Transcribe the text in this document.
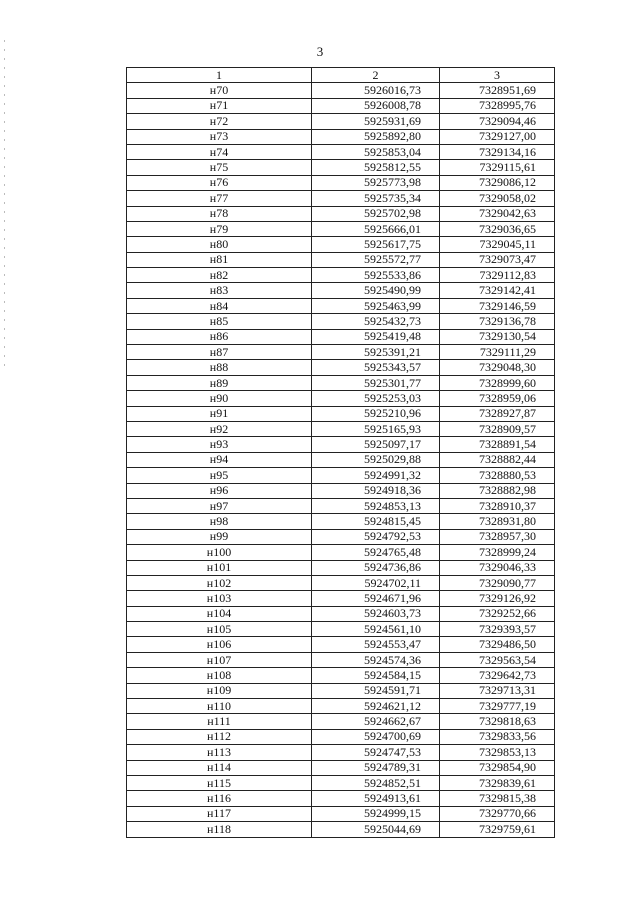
3
1	2	3
н70	5926016,73	7328951,69
н71	5926008,78	7328995,76
н72	5925931,69	7329094,46
н73	5925892,80	7329127,00
н74	5925853,04	7329134,16
н75	5925812,55	7329115,61
н76	5925773,98	7329086,12
н77	5925735,34	7329058,02
н78	5925702,98	7329042,63
н79	5925666,01	7329036,65
н80	5925617,75	7329045,11
н81	5925572,77	7329073,47
н82	5925533,86	7329112,83
н83	5925490,99	7329142,41
н84	5925463,99	7329146,59
н85	5925432,73	7329136,78
н86	5925419,48	7329130,54
н87	5925391,21	7329111,29
н88	5925343,57	7329048,30
н89	5925301,77	7328999,60
н90	5925253,03	7328959,06
н91	5925210,96	7328927,87
н92	5925165,93	7328909,57
н93	5925097,17	7328891,54
н94	5925029,88	7328882,44
н95	5924991,32	7328880,53
н96	5924918,36	7328882,98
н97	5924853,13	7328910,37
н98	5924815,45	7328931,80
н99	5924792,53	7328957,30
н100	5924765,48	7328999,24
н101	5924736,86	7329046,33
н102	5924702,11	7329090,77
н103	5924671,96	7329126,92
н104	5924603,73	7329252,66
н105	5924561,10	7329393,57
н106	5924553,47	7329486,50
н107	5924574,36	7329563,54
н108	5924584,15	7329642,73
н109	5924591,71	7329713,31
н110	5924621,12	7329777,19
н111	5924662,67	7329818,63
н112	5924700,69	7329833,56
н113	5924747,53	7329853,13
н114	5924789,31	7329854,90
н115	5924852,51	7329839,61
н116	5924913,61	7329815,38
н117	5924999,15	7329770,66
н118	5925044,69	7329759,61
